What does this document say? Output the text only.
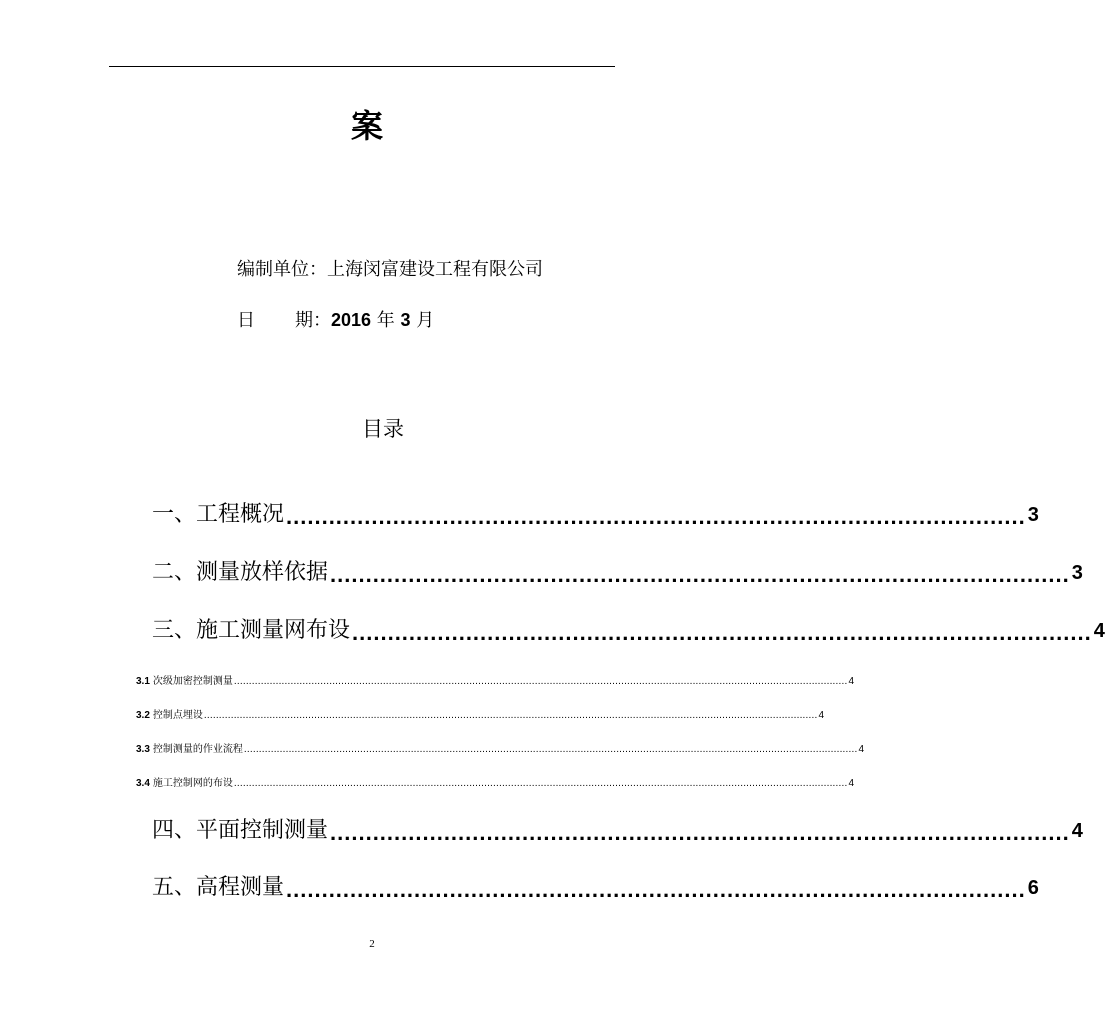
案
编制单位：上海闵富建设工程有限公司
日 期：2016 年 3 月
目录
一、工程概况 ........................................................................................................ 3
二、测量放样依据 ........................................................................................................ 3
三、施工测量网布设 ........................................................................................................ 4
3.1 次级加密控制测量 .............................................................................................................................................................................................................. 4
3.2 控制点埋设 .............................................................................................................................................................................................................. 4
3.3 控制测量的作业流程 .............................................................................................................................................................................................................. 4
3.4 施工控制网的布设 .............................................................................................................................................................................................................. 4
四、平面控制测量 ........................................................................................................ 4
五、高程测量 ........................................................................................................ 6
2
